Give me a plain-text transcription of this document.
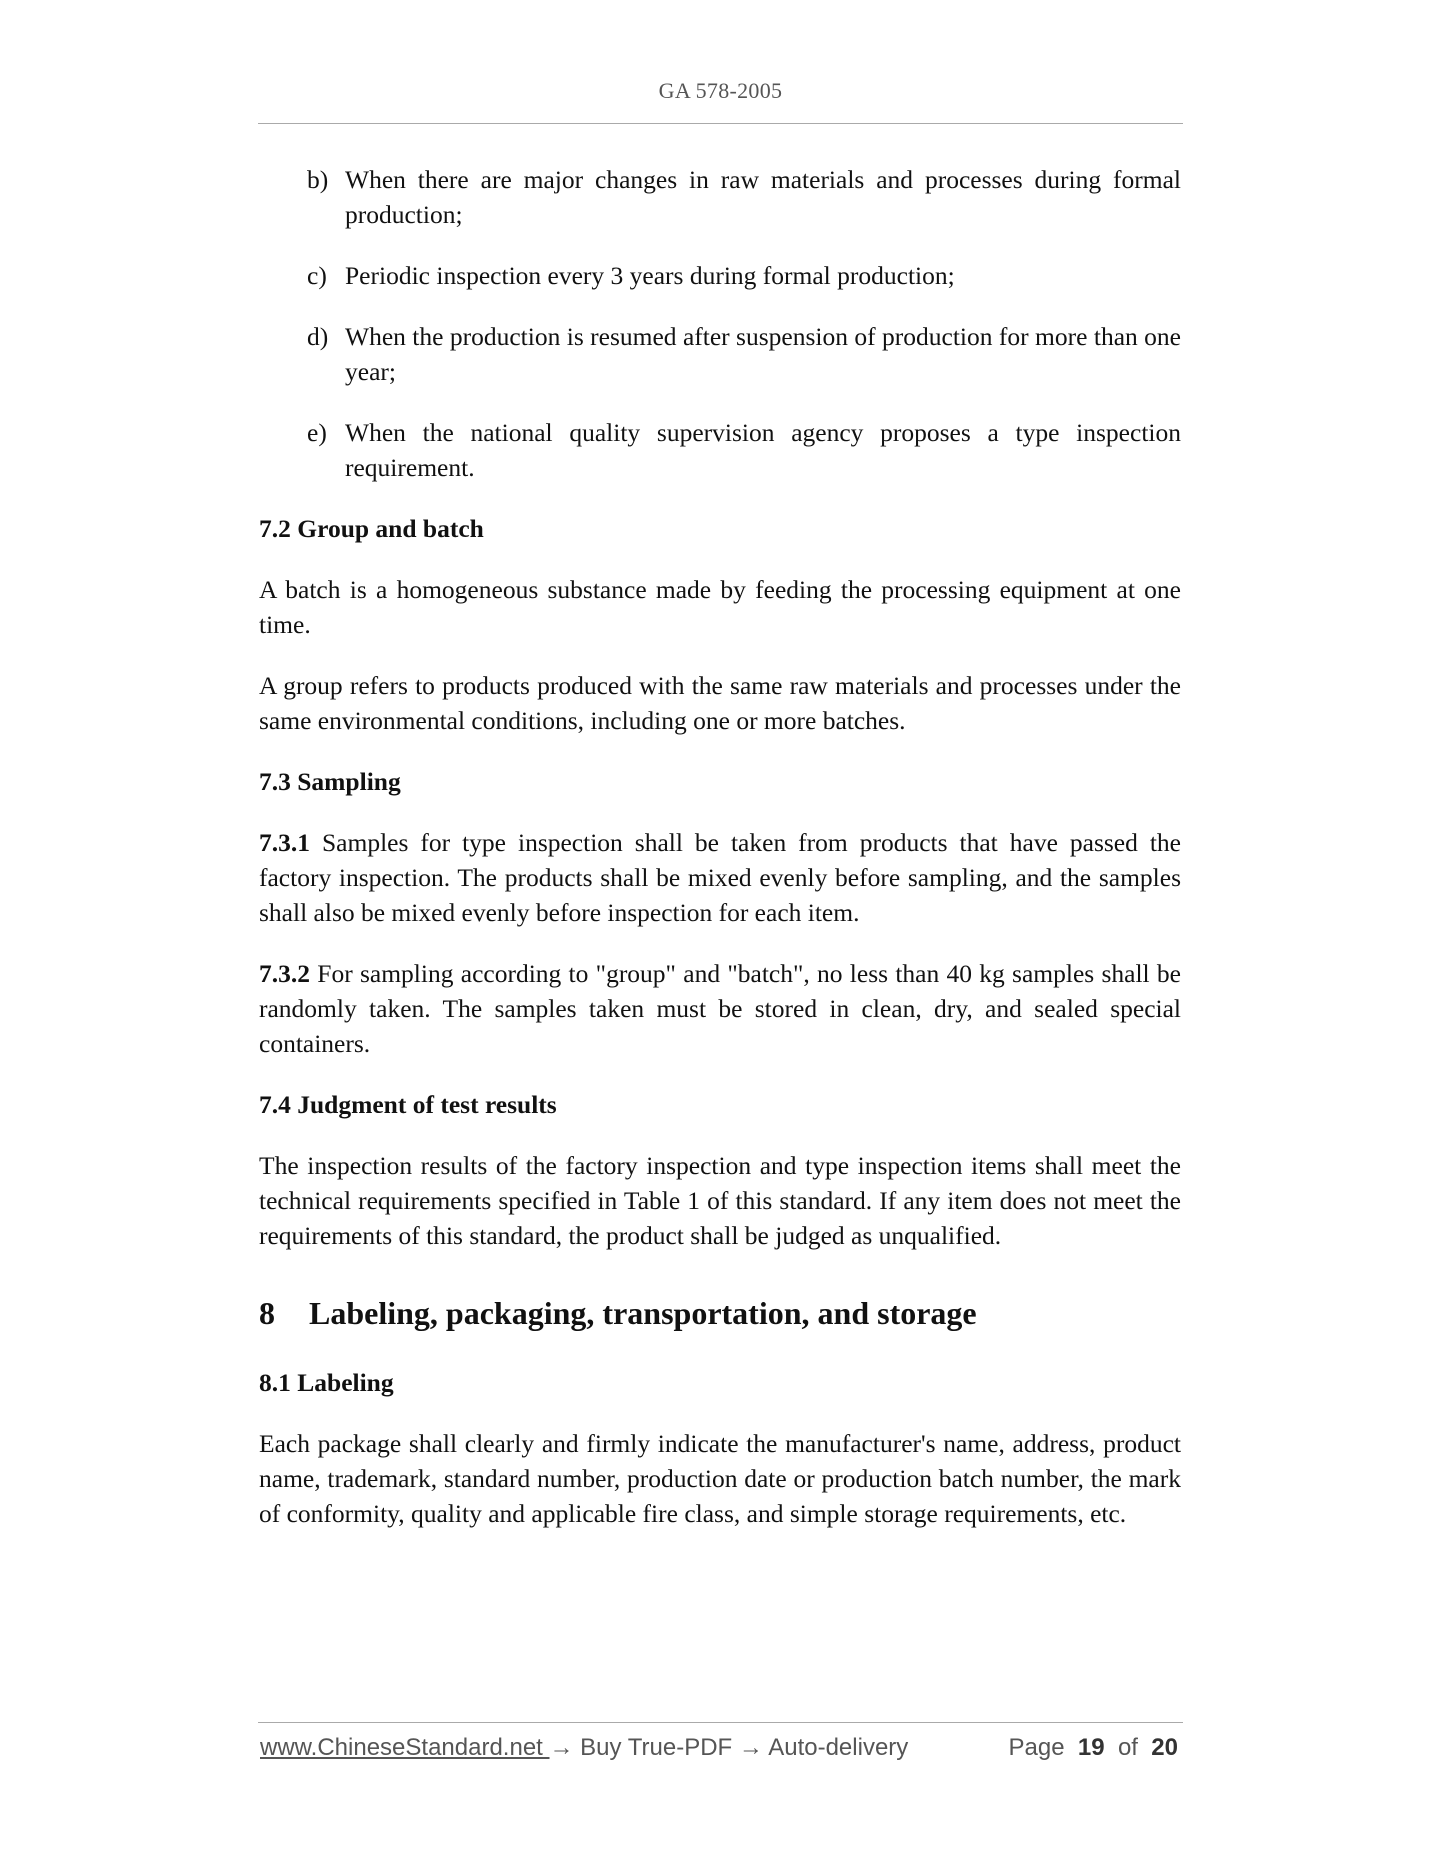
GA 578-2005
b) When there are major changes in raw materials and processes during formal production;
c) Periodic inspection every 3 years during formal production;
d) When the production is resumed after suspension of production for more than one year;
e) When the national quality supervision agency proposes a type inspection requirement.
7.2 Group and batch
A batch is a homogeneous substance made by feeding the processing equipment at one time.
A group refers to products produced with the same raw materials and processes under the same environmental conditions, including one or more batches.
7.3 Sampling
7.3.1 Samples for type inspection shall be taken from products that have passed the factory inspection. The products shall be mixed evenly before sampling, and the samples shall also be mixed evenly before inspection for each item.
7.3.2 For sampling according to "group" and "batch", no less than 40 kg samples shall be randomly taken. The samples taken must be stored in clean, dry, and sealed special containers.
7.4 Judgment of test results
The inspection results of the factory inspection and type inspection items shall meet the technical requirements specified in Table 1 of this standard. If any item does not meet the requirements of this standard, the product shall be judged as unqualified.
8 Labeling, packaging, transportation, and storage
8.1 Labeling
Each package shall clearly and firmly indicate the manufacturer's name, address, product name, trademark, standard number, production date or production batch number, the mark of conformity, quality and applicable fire class, and simple storage requirements, etc.
www.ChineseStandard.net → Buy True-PDF → Auto-delivery	Page 19 of 20
